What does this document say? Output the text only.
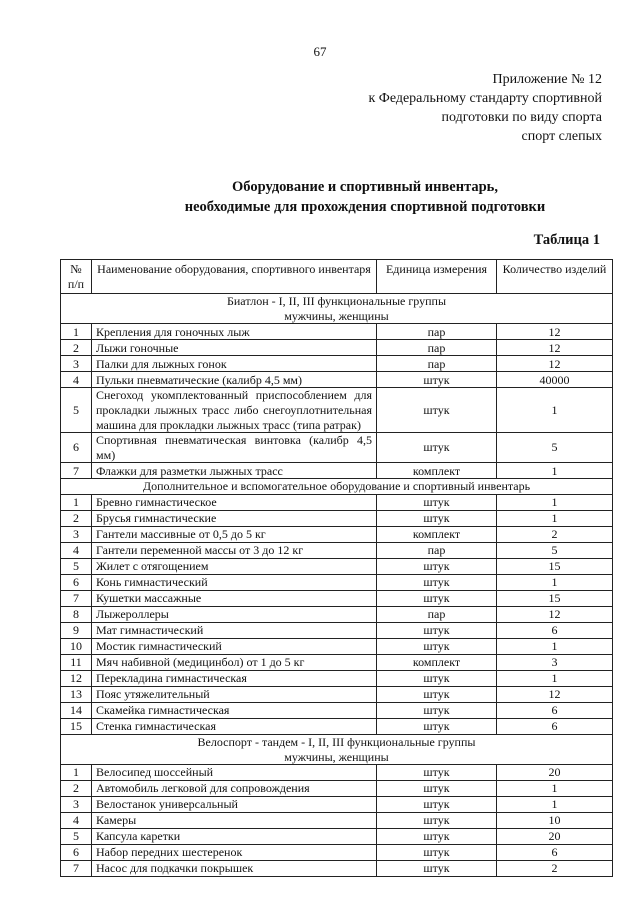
67
Приложение № 12
к Федеральному стандарту спортивной
подготовки по виду спорта
спорт слепых
Оборудование и спортивный инвентарь,
необходимые для прохождения спортивной подготовки
Таблица 1
№ п/п	Наименование оборудования, спортивного инвентаря	Единица измерения	Количество изделий

Биатлон - I, II, III функциональные группы
мужчины, женщины			

1	Крепления для гоночных лыж	пар	12
2	Лыжи гоночные	пар	12
3	Палки для лыжных гонок	пар	12
4	Пульки пневматические (калибр 4,5 мм)	штук	40000
5	Снегоход укомплектованный приспособлением для прокладки лыжных трасс либо снегоуплотнительная машина для прокладки лыжных трасс (типа ратрак)	штук	1
6	Спортивная пневматическая винтовка (калибр 4,5 мм)	штук	5
7	Флажки для разметки лыжных трасс	комплект	1

Дополнительное и вспомогательное оборудование и спортивный инвентарь			

1	Бревно гимнастическое	штук	1
2	Брусья гимнастические	штук	1
3	Гантели массивные от 0,5 до 5 кг	комплект	2
4	Гантели переменной массы от 3 до 12 кг	пар	5
5	Жилет с отягощением	штук	15
6	Конь гимнастический	штук	1
7	Кушетки массажные	штук	15
8	Лыжероллеры	пар	12
9	Мат гимнастический	штук	6
10	Мостик гимнастический	штук	1
11	Мяч набивной (медицинбол) от 1 до 5 кг	комплект	3
12	Перекладина гимнастическая	штук	1
13	Пояс утяжелительный	штук	12
14	Скамейка гимнастическая	штук	6
15	Стенка гимнастическая	штук	6

Велоспорт - тандем - I, II, III функциональные группы
мужчины, женщины			

1	Велосипед шоссейный	штук	20
2	Автомобиль легковой для сопровождения	штук	1
3	Велостанок универсальный	штук	1
4	Камеры	штук	10
5	Капсула каретки	штук	20
6	Набор передних шестеренок	штук	6
7	Насос для подкачки покрышек	штук	2
